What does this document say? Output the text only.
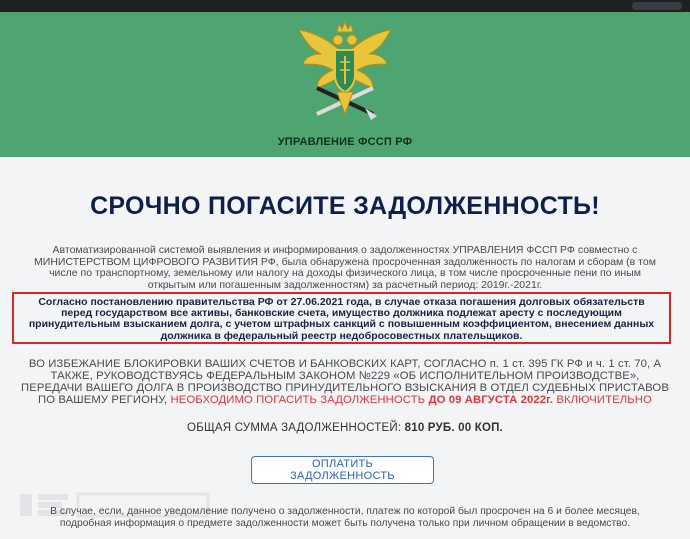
УПРАВЛЕНИЕ ФССП РФ
СРОЧНО ПОГАСИТЕ ЗАДОЛЖЕННОСТЬ!
Автоматизированной системой выявления и информирования о задолженностях УПРАВЛЕНИЯ ФССП РФ совместно с МИНИСТЕРСТВОМ ЦИФРОВОГО РАЗВИТИЯ РФ, была обнаружена просроченная задолженность по налогам и сборам (в том числе по транспортному, земельному или налогу на доходы физического лица, в том числе просроченные пени по иным открытым или погашенным задолженностям) за расчетный период: 2019г.-2021г.
Согласно постановлению правительства РФ от 27.06.2021 года, в случае отказа погашения долговых обязательств перед государством все активы, банковские счета, имущество должника подлежат аресту с последующим принудительным взысканием долга, с учетом штрафных санкций с повышенным коэффициентом, внесением данных должника в федеральный реестр недобросовестных плательщиков.
ВО ИЗБЕЖАНИЕ БЛОКИРОВКИ ВАШИХ СЧЕТОВ И БАНКОВСКИХ КАРТ, СОГЛАСНО п. 1 ст. 395 ГК РФ и ч. 1 ст. 70, А ТАКЖЕ, РУКОВОДСТВУЯСЬ ФЕДЕРАЛЬНЫМ ЗАКОНОМ №229 «ОБ ИСПОЛНИТЕЛЬНОМ ПРОИЗВОДСТВЕ», ПЕРЕДАЧИ ВАШЕГО ДОЛГА В ПРОИЗВОДСТВО ПРИНУДИТЕЛЬНОГО ВЗЫСКАНИЯ В ОТДЕЛ СУДЕБНЫХ ПРИСТАВОВ ПО ВАШЕМУ РЕГИОНУ, НЕОБХОДИМО ПОГАСИТЬ ЗАДОЛЖЕННОСТЬ ДО 09 АВГУСТА 2022г. ВКЛЮЧИТЕЛЬНО
ОБЩАЯ СУММА ЗАДОЛЖЕННОСТЕЙ: 810 РУБ. 00 КОП.
ОПЛАТИТЬ ЗАДОЛЖЕННОСТЬ
В случае, если, данное уведомление получено о задолженности, платеж по которой был просрочен на 6 и более месяцев, подробная информация о предмете задолженности может быть получена только при личном обращении в ведомство.
